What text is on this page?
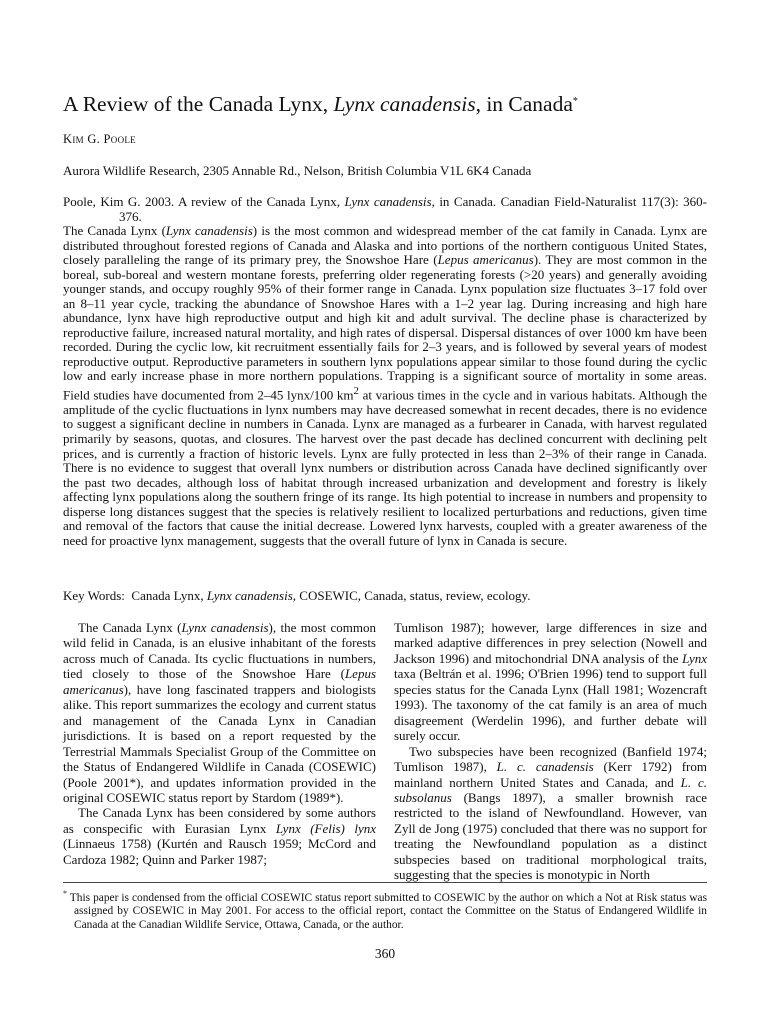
A Review of the Canada Lynx, Lynx canadensis, in Canada*
Kim G. Poole
Aurora Wildlife Research, 2305 Annable Rd., Nelson, British Columbia V1L 6K4 Canada
Poole, Kim G. 2003. A review of the Canada Lynx, Lynx canadensis, in Canada. Canadian Field-Naturalist 117(3): 360-376.
The Canada Lynx (Lynx canadensis) is the most common and widespread member of the cat family in Canada. Lynx are distributed throughout forested regions of Canada and Alaska and into portions of the northern contiguous United States, closely paralleling the range of its primary prey, the Snowshoe Hare (Lepus americanus). They are most common in the boreal, sub-boreal and western montane forests, preferring older regenerating forests (>20 years) and generally avoiding younger stands, and occupy roughly 95% of their former range in Canada. Lynx population size fluctuates 3–17 fold over an 8–11 year cycle, tracking the abundance of Snowshoe Hares with a 1–2 year lag. During increasing and high hare abundance, lynx have high reproductive output and high kit and adult survival. The decline phase is characterized by reproductive failure, increased natural mortality, and high rates of dispersal. Dispersal distances of over 1000 km have been recorded. During the cyclic low, kit recruitment essentially fails for 2–3 years, and is followed by several years of modest reproductive output. Reproductive parameters in southern lynx populations appear similar to those found during the cyclic low and early increase phase in more northern populations. Trapping is a significant source of mortality in some areas. Field studies have documented from 2–45 lynx/100 $km^2$ at various times in the cycle and in various habitats. Although the amplitude of the cyclic fluctuations in lynx numbers may have decreased somewhat in recent decades, there is no evidence to suggest a significant decline in numbers in Canada. Lynx are managed as a furbearer in Canada, with harvest regulated primarily by seasons, quotas, and closures. The harvest over the past decade has declined concurrent with declining pelt prices, and is currently a fraction of historic levels. Lynx are fully protected in less than 2–3% of their range in Canada. There is no evidence to suggest that overall lynx numbers or distribution across Canada have declined significantly over the past two decades, although loss of habitat through increased urbanization and development and forestry is likely affecting lynx populations along the southern fringe of its range. Its high potential to increase in numbers and propensity to disperse long distances suggest that the species is relatively resilient to localized perturbations and reductions, given time and removal of the factors that cause the initial decrease. Lowered lynx harvests, coupled with a greater awareness of the need for proactive lynx management, suggests that the overall future of lynx in Canada is secure.
Key Words:  Canada Lynx, Lynx canadensis, COSEWIC, Canada, status, review, ecology.

The Canada Lynx (Lynx canadensis), the most common wild felid in Canada, is an elusive inhabitant of the forests across much of Canada. Its cyclic fluctuations in numbers, tied closely to those of the Snowshoe Hare (Lepus americanus), have long fascinated trappers and biologists alike. This report summarizes the ecology and current status and management of the Canada Lynx in Canadian jurisdictions. It is based on a report requested by the Terrestrial Mammals Specialist Group of the Committee on the Status of Endangered Wildlife in Canada (COSEWIC) (Poole 2001*), and updates information provided in the original COSEWIC status report by Stardom (1989*).

The Canada Lynx has been considered by some authors as conspecific with Eurasian Lynx Lynx (Felis) lynx (Linnaeus 1758) (Kurtén and Rausch 1959; McCord and Cardoza 1982; Quinn and Parker 1987;

Tumlison 1987); however, large differences in size and marked adaptive differences in prey selection (Nowell and Jackson 1996) and mitochondrial DNA analysis of the Lynx taxa (Beltrán et al. 1996; O'Brien 1996) tend to support full species status for the Canada Lynx (Hall 1981; Wozencraft 1993). The taxonomy of the cat family is an area of much disagreement (Werdelin 1996), and further debate will surely occur.

Two subspecies have been recognized (Banfield 1974; Tumlison 1987), L. c. canadensis (Kerr 1792) from mainland northern United States and Canada, and L. c. subsolanus (Bangs 1897), a smaller brownish race restricted to the island of Newfoundland. However, van Zyll de Jong (1975) concluded that there was no support for treating the Newfoundland population as a distinct subspecies based on traditional morphological traits, suggesting that the species is monotypic in North

* This paper is condensed from the official COSEWIC status report submitted to COSEWIC by the author on which a Not at Risk status was assigned by COSEWIC in May 2001. For access to the official report, contact the Committee on the Status of Endangered Wildlife in Canada at the Canadian Wildlife Service, Ottawa, Canada, or the author.
360
